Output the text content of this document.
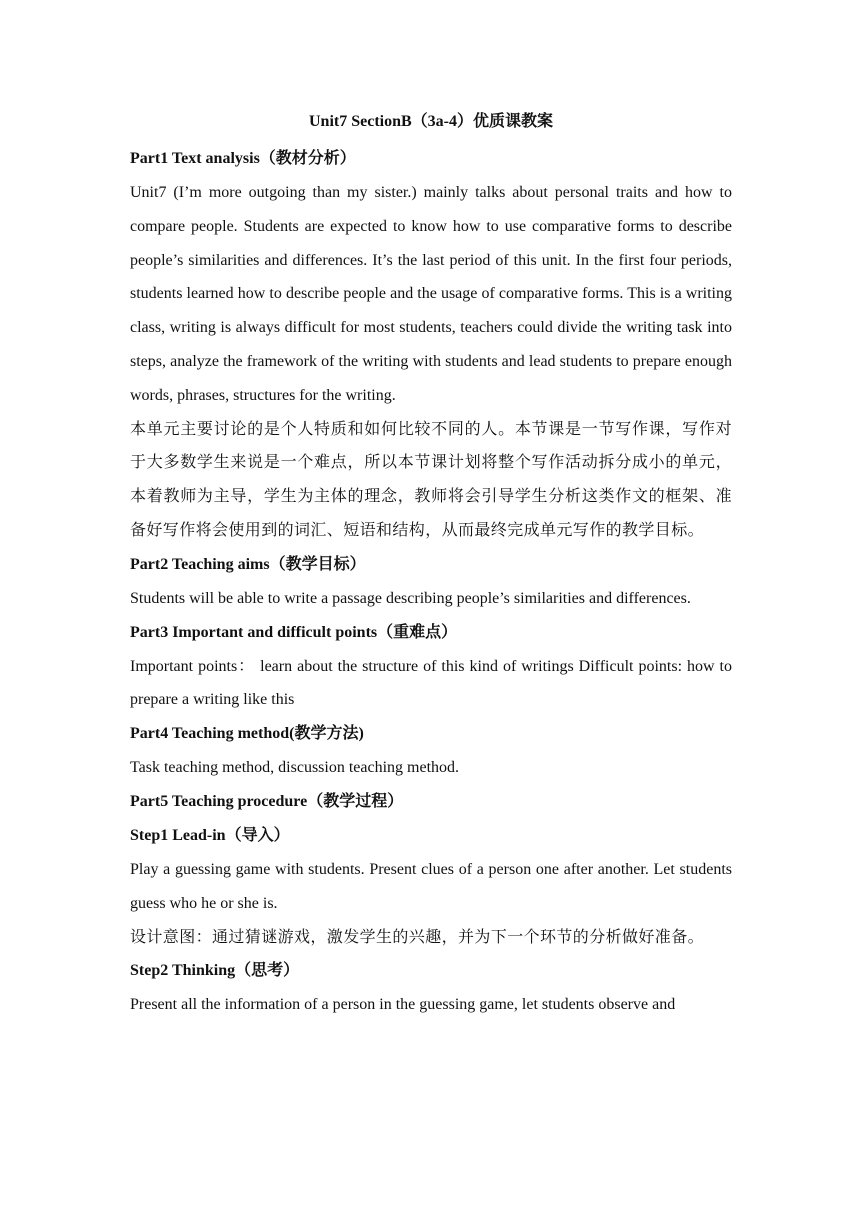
Unit7 SectionB（3a-4）优质课教案
Part1 Text analysis（教材分析）

Unit7 (I’m more outgoing than my sister.) mainly talks about personal traits and how to compare people. Students are expected to know how to use comparative forms to describe people’s similarities and differences. It’s the last period of this unit. In the first four periods, students learned how to describe people and the usage of comparative forms. This is a writing class, writing is always difficult for most students, teachers could divide the writing task into steps, analyze the framework of the writing with students and lead students to prepare enough words, phrases, structures for the writing.

本单元主要讨论的是个人特质和如何比较不同的人。本节课是一节写作课，写作对于大多数学生来说是一个难点，所以本节课计划将整个写作活动拆分成小的单元，本着教师为主导，学生为主体的理念，教师将会引导学生分析这类作文的框架、准备好写作将会使用到的词汇、短语和结构，从而最终完成单元写作的教学目标。

Part2 Teaching aims（教学目标）

Students will be able to write a passage describing people’s similarities and differences.

Part3 Important and difficult points（重难点）

Important points： learn about the structure of this kind of writings Difficult points: how to prepare a writing like this

Part4 Teaching method(教学方法)

Task teaching method, discussion teaching method.

Part5 Teaching procedure（教学过程）
Step1 Lead-in（导入）

Play a guessing game with students. Present clues of a person one after another. Let students guess who he or she is.

设计意图：通过猜谜游戏，激发学生的兴趣，并为下一个环节的分析做好准备。

Step2 Thinking（思考）

Present all the information of a person in the guessing game, let students observe and
